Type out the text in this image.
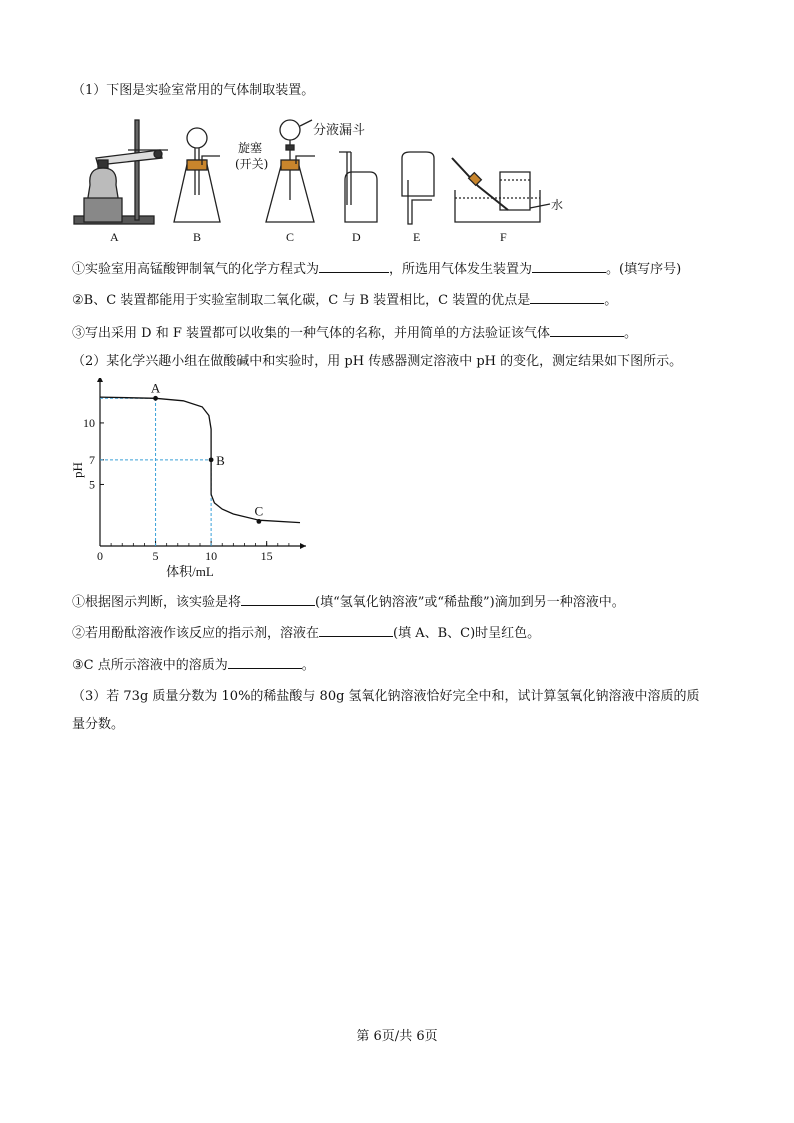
（1）下图是实验室常用的气体制取装置。
分液漏斗
旋塞
(开关)
水
A	B	C	D	E	F
①实验室用高锰酸钾制氧气的化学方程式为	，所选用气体发生装置为	。(填写序号)
②B、C 装置都能用于实验室制取二氧化碳，C 与 B 装置相比，C 装置的优点是	。
③写出采用 D 和 F 装置都可以收集的一种气体的名称，并用简单的方法验证该气体	。
（2）某化学兴趣小组在做酸碱中和实验时，用 pH 传感器测定溶液中 pH 的变化，测定结果如下图所示。
0	5	10	15
5
7
10
体积/mL
pH
A
B
C
①根据图示判断，该实验是将	(填“氢氧化钠溶液”或“稀盐酸”)滴加到另一种溶液中。
②若用酚酞溶液作该反应的指示剂，溶液在	(填 A、B、C)时呈红色。
③C 点所示溶液中的溶质为	。
（3）若 73g 质量分数为 10%的稀盐酸与 80g 氢氧化钠溶液恰好完全中和，试计算氢氧化钠溶液中溶质的质
量分数。
第 6页/共 6页
